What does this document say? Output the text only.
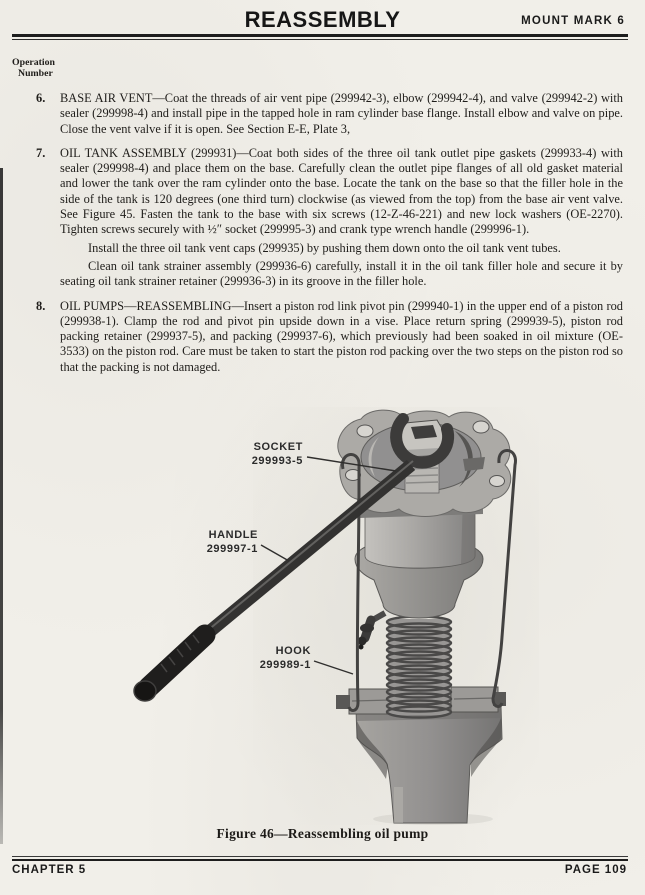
REASSEMBLY	MOUNT MARK 6
Operation
Number
6.	BASE AIR VENT—Coat the threads of air vent pipe (299942-3), elbow (299942-4), and valve (299942-2) with sealer (299998-4) and install pipe in the tapped hole in ram cylinder base flange. Install elbow and valve on pipe. Close the vent valve if it is open. See Section E-E, Plate 3,
7.	OIL TANK ASSEMBLY (299931)—Coat both sides of the three oil tank outlet pipe gaskets (299933-4) with sealer (299998-4) and place them on the base. Carefully clean the outlet pipe flanges of all old gasket material and lower the tank over the ram cylinder onto the base. Locate the tank on the base so that the filler hole in the side of the tank is 120 degrees (one third turn) clockwise (as viewed from the top) from the base air vent valve. See Figure 45. Fasten the tank to the base with six screws (12-Z-46-221) and new lock washers (OE-2270). Tighten screws securely with ½″ socket (299995-3) and crank type wrench handle (299996-1).
Install the three oil tank vent caps (299935) by pushing them down onto the oil tank vent tubes.
Clean oil tank strainer assembly (299936-6) carefully, install it in the oil tank filler hole and secure it by seating oil tank strainer retainer (299936-3) in its groove in the filler hole.
8.	OIL PUMPS—REASSEMBLING—Insert a piston rod link pivot pin (299940-1) in the upper end of a piston rod (299938-1). Clamp the rod and pivot pin upside down in a vise. Place return spring (299939-5), piston rod packing retainer (299937-5), and packing (299937-6), which previously had been soaked in oil mixture (OE-3533) on the piston rod. Care must be taken to start the piston rod packing over the two steps on the piston rod so that the packing is not damaged.
SOCKET
299993-5
HANDLE
299997-1
HOOK
299989-1
Figure 46—Reassembling oil pump
CHAPTER 5	PAGE 109
